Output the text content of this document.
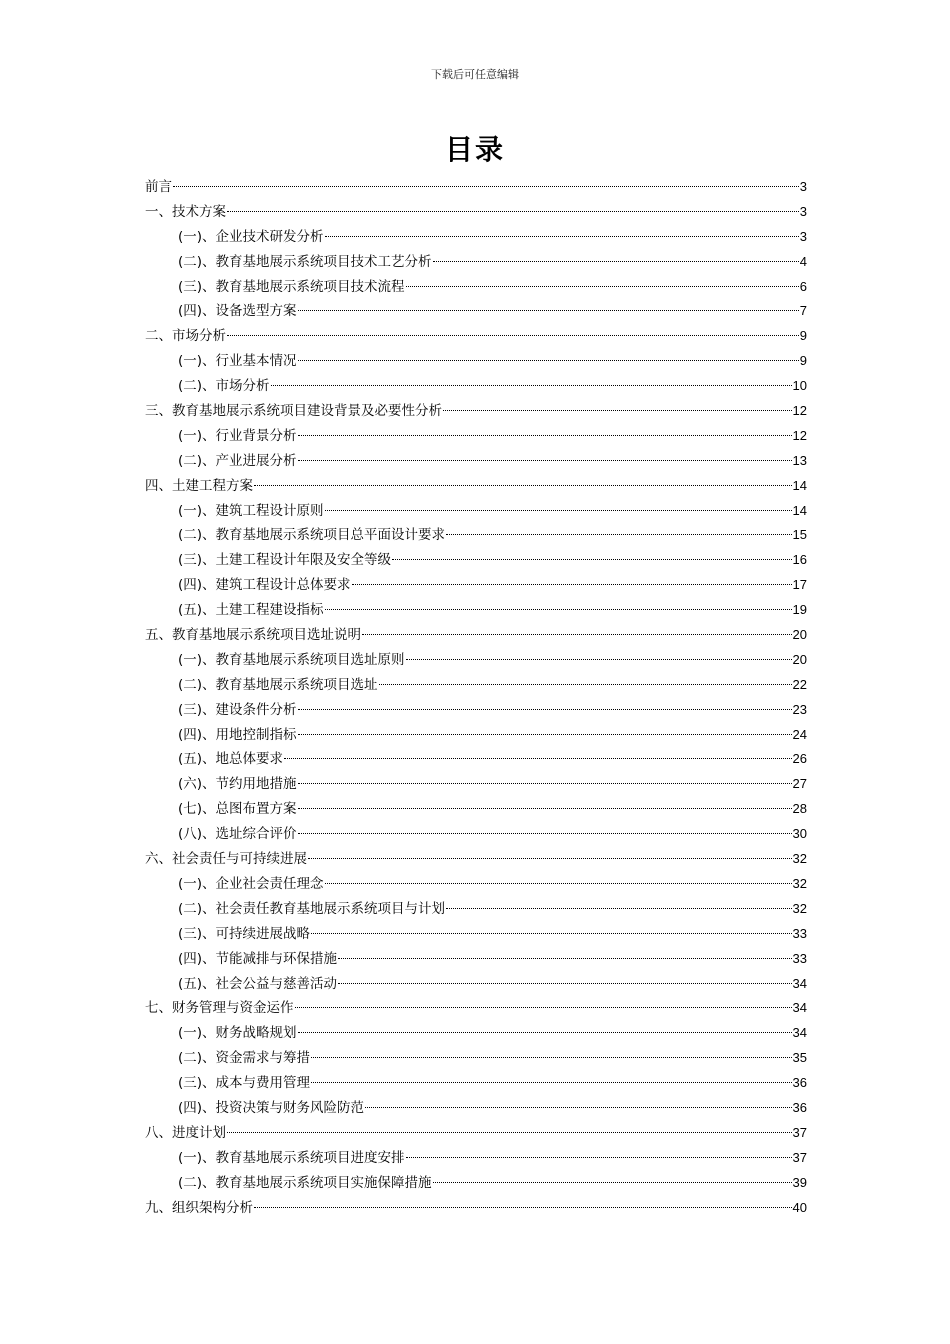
下载后可任意编辑
目录
前言	3
一、技术方案	3
(一)、企业技术研发分析	3
(二)、教育基地展示系统项目技术工艺分析	4
(三)、教育基地展示系统项目技术流程	6
(四)、设备选型方案	7
二、市场分析	9
(一)、行业基本情况	9
(二)、市场分析	10
三、教育基地展示系统项目建设背景及必要性分析	12
(一)、行业背景分析	12
(二)、产业进展分析	13
四、土建工程方案	14
(一)、建筑工程设计原则	14
(二)、教育基地展示系统项目总平面设计要求	15
(三)、土建工程设计年限及安全等级	16
(四)、建筑工程设计总体要求	17
(五)、土建工程建设指标	19
五、教育基地展示系统项目选址说明	20
(一)、教育基地展示系统项目选址原则	20
(二)、教育基地展示系统项目选址	22
(三)、建设条件分析	23
(四)、用地控制指标	24
(五)、地总体要求	26
(六)、节约用地措施	27
(七)、总图布置方案	28
(八)、选址综合评价	30
六、社会责任与可持续进展	32
(一)、企业社会责任理念	32
(二)、社会责任教育基地展示系统项目与计划	32
(三)、可持续进展战略	33
(四)、节能减排与环保措施	33
(五)、社会公益与慈善活动	34
七、财务管理与资金运作	34
(一)、财务战略规划	34
(二)、资金需求与筹措	35
(三)、成本与费用管理	36
(四)、投资决策与财务风险防范	36
八、进度计划	37
(一)、教育基地展示系统项目进度安排	37
(二)、教育基地展示系统项目实施保障措施	39
九、组织架构分析	40
